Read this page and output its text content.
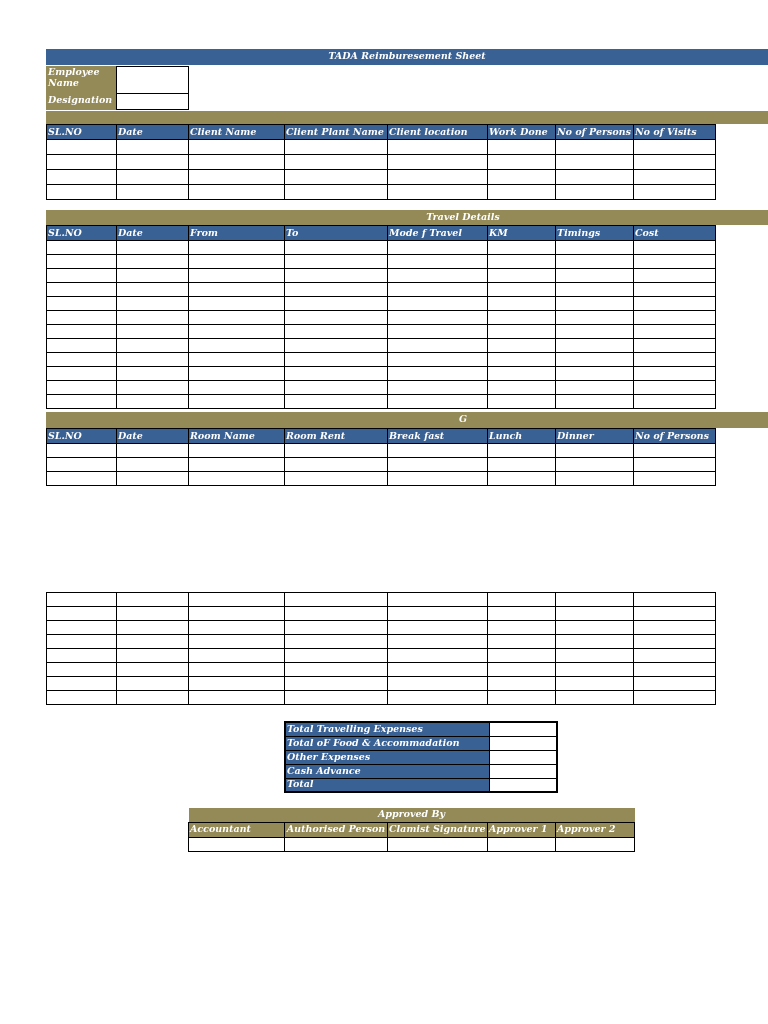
TADA Reimburesement Sheet
Employee Name
Designation
SL.NO	Date	Client Name	Client Plant Name	Client location	Work Done	No of Persons	No of Visits

Travel Details
SL.NO	Date	From	To	Mode f Travel	KM	Timings	Cost

G
SL.NO	Date	Room Name	Room Rent	Break fast	Lunch	Dinner	No of Persons

Total Travelling Expenses	
Total oF Food & Accommadation	
Other Expenses	
Cash Advance	
Total	
Approved By				
Accountant	Authorised Person	Clamist Signature	Approver 1	Approver 2
